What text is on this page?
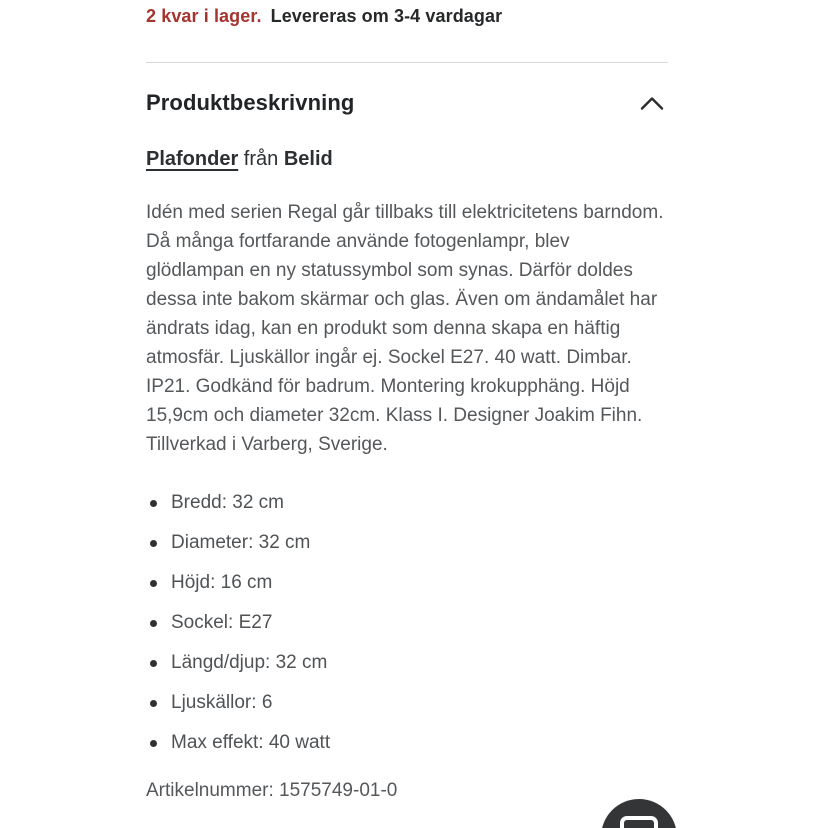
2 kvar i lager. Levereras om 3-4 vardagar
Produktbeskrivning
Plafonder från Belid

Idén med serien Regal går tillbaks till elektricitetens barndom. Då många fortfarande använde fotogenlampr, blev glödlampan en ny statussymbol som synas. Därför doldes dessa inte bakom skärmar och glas. Även om ändamålet har ändrats idag, kan en produkt som denna skapa en häftig atmosfär. Ljuskällor ingår ej. Sockel E27. 40 watt. Dimbar. IP21. Godkänd för badrum. Montering krokupphäng. Höjd 15,9cm och diameter 32cm. Klass I. Designer Joakim Fihn. Tillverkad i Varberg, Sverige.

Bredd: 32 cm
Diameter: 32 cm
Höjd: 16 cm
Sockel: E27
Längd/djup: 32 cm
Ljuskällor: 6
Max effekt: 40 watt
Artikelnummer: 1575749-01-0
